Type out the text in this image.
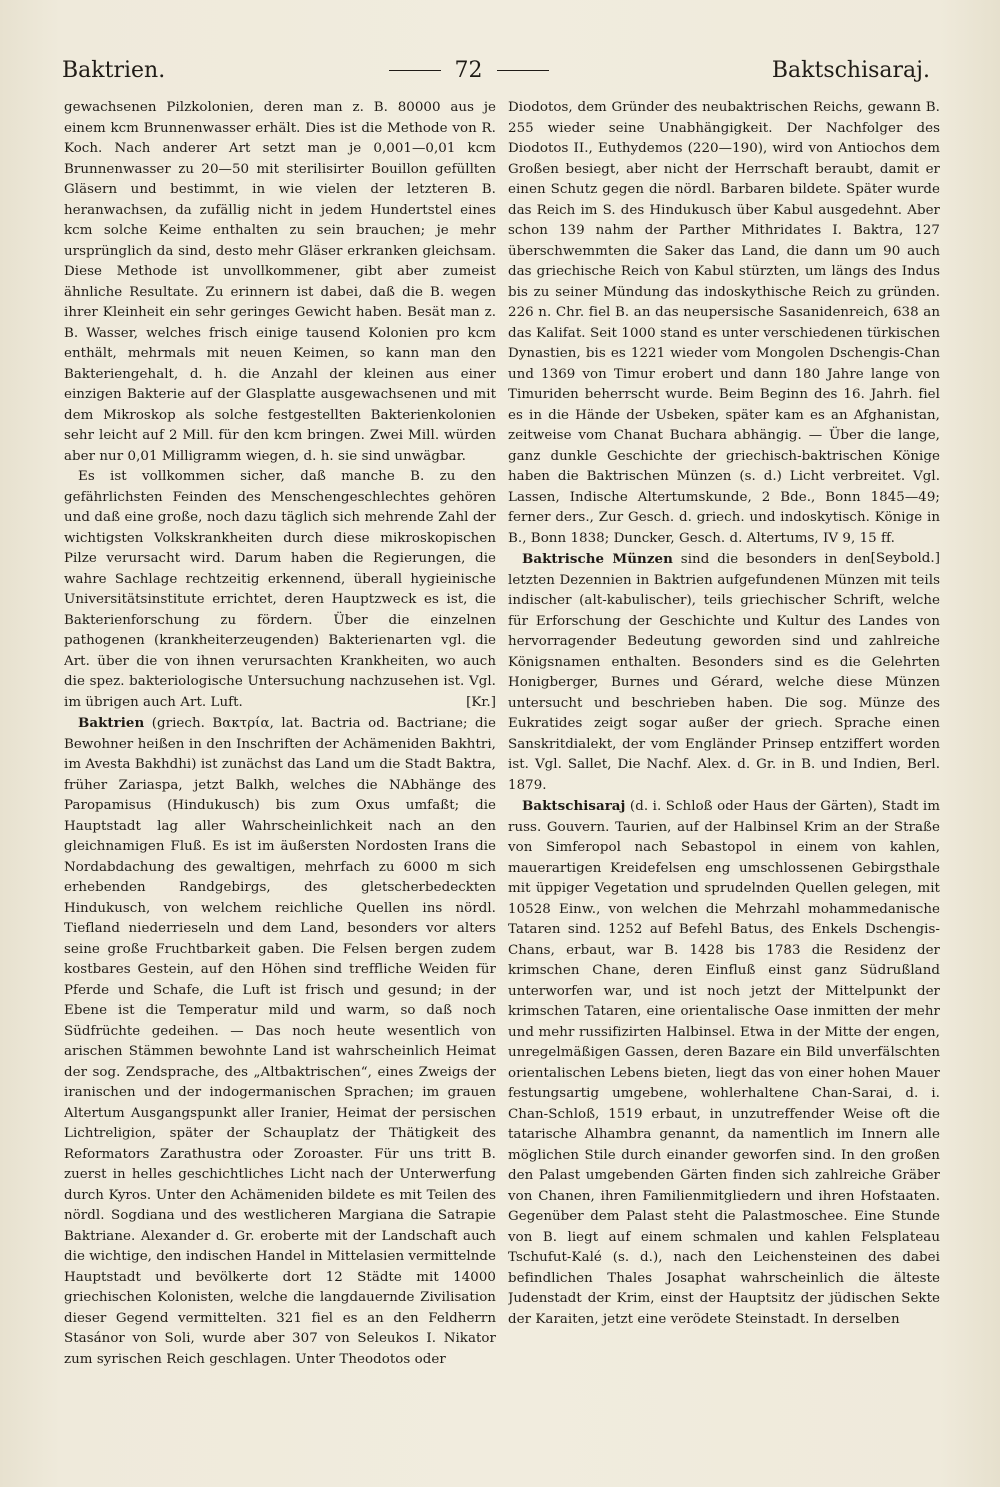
Baktrien.	72	Baktschisaraj.

gewachsenen Pilzkolonien, deren man z. B. 80000 aus je einem kcm Brunnenwasser erhält. Dies ist die Methode von R. Koch. Nach anderer Art setzt man je 0,001—0,01 kcm Brunnenwasser zu 20—50 mit sterilisirter Bouillon gefüllten Gläsern und bestimmt, in wie vielen der letzteren B. heranwachsen, da zufällig nicht in jedem Hundertstel eines kcm solche Keime enthalten zu sein brauchen; je mehr ursprünglich da sind, desto mehr Gläser erkranken gleichsam. Diese Methode ist unvollkommener, gibt aber zumeist ähnliche Resultate. Zu erinnern ist dabei, daß die B. wegen ihrer Kleinheit ein sehr geringes Gewicht haben. Besät man z. B. Wasser, welches frisch einige tausend Kolonien pro kcm enthält, mehrmals mit neuen Keimen, so kann man den Bakteriengehalt, d. h. die Anzahl der kleinen aus einer einzigen Bakterie auf der Glasplatte ausgewachsenen und mit dem Mikroskop als solche festgestellten Bakterienkolonien sehr leicht auf 2 Mill. für den kcm bringen. Zwei Mill. würden aber nur 0,01 Milligramm wiegen, d. h. sie sind unwägbar.

Es ist vollkommen sicher, daß manche B. zu den gefährlichsten Feinden des Menschengeschlechtes gehören und daß eine große, noch dazu täglich sich mehrende Zahl der wichtigsten Volkskrankheiten durch diese mikroskopischen Pilze verursacht wird. Darum haben die Regierungen, die wahre Sachlage rechtzeitig erkennend, überall hygieinische Universitätsinstitute errichtet, deren Hauptzweck es ist, die Bakterienforschung zu fördern. Über die einzelnen pathogenen (krankheiterzeugenden) Bakterienarten vgl. die Art. über die von ihnen verursachten Krankheiten, wo auch die spez. bakteriologische Untersuchung nachzusehen ist. Vgl. im übrigen auch Art. Luft.	[Kr.]

Baktrien (griech. Βακτρία, lat. Bactria od. Bactriane; die Bewohner heißen in den Inschriften der Achämeniden Bakhtri, im Avesta Bakhdhi) ist zunächst das Land um die Stadt Baktra, früher Zariaspa, jetzt Balkh, welches die NAbhänge des Paropamisus (Hindukusch) bis zum Oxus umfaßt; die Hauptstadt lag aller Wahrscheinlichkeit nach an den gleichnamigen Fluß. Es ist im äußersten Nordosten Irans die Nordabdachung des gewaltigen, mehrfach zu 6000 m sich erhebenden Randgebirgs, des gletscherbedeckten Hindukusch, von welchem reichliche Quellen ins nördl. Tiefland niederrieseln und dem Land, besonders vor alters seine große Fruchtbarkeit gaben. Die Felsen bergen zudem kostbares Gestein, auf den Höhen sind treffliche Weiden für Pferde und Schafe, die Luft ist frisch und gesund; in der Ebene ist die Temperatur mild und warm, so daß noch Südfrüchte gedeihen. — Das noch heute wesentlich von arischen Stämmen bewohnte Land ist wahrscheinlich Heimat der sog. Zendsprache, des „Altbaktrischen“, eines Zweigs der iranischen und der indogermanischen Sprachen; im grauen Altertum Ausgangspunkt aller Iranier, Heimat der persischen Lichtreligion, später der Schauplatz der Thätigkeit des Reformators Zarathustra oder Zoroaster. Für uns tritt B. zuerst in helles geschichtliches Licht nach der Unterwerfung durch Kyros. Unter den Achämeniden bildete es mit Teilen des nördl. Sogdiana und des westlicheren Margiana die Satrapie Baktriane. Alexander d. Gr. eroberte mit der Landschaft auch die wichtige, den indischen Handel in Mittelasien vermittelnde Hauptstadt und bevölkerte dort 12 Städte mit 14000 griechischen Kolonisten, welche die langdauernde Zivilisation dieser Gegend vermittelten. 321 fiel es an den Feldherrn Stasánor von Soli, wurde aber 307 von Seleukos I. Nikator zum syrischen Reich geschlagen. Unter Theodotos oder

Diodotos, dem Gründer des neubaktrischen Reichs, gewann B. 255 wieder seine Unabhängigkeit. Der Nachfolger des Diodotos II., Euthydemos (220—190), wird von Antiochos dem Großen besiegt, aber nicht der Herrschaft beraubt, damit er einen Schutz gegen die nördl. Barbaren bildete. Später wurde das Reich im S. des Hindukusch über Kabul ausgedehnt. Aber schon 139 nahm der Parther Mithridates I. Baktra, 127 überschwemmten die Saker das Land, die dann um 90 auch das griechische Reich von Kabul stürzten, um längs des Indus bis zu seiner Mündung das indoskythische Reich zu gründen. 226 n. Chr. fiel B. an das neupersische Sasanidenreich, 638 an das Kalifat. Seit 1000 stand es unter verschiedenen türkischen Dynastien, bis es 1221 wieder vom Mongolen Dschengis-Chan und 1369 von Timur erobert und dann 180 Jahre lange von Timuriden beherrscht wurde. Beim Beginn des 16. Jahrh. fiel es in die Hände der Usbeken, später kam es an Afghanistan, zeitweise vom Chanat Buchara abhängig. — Über die lange, ganz dunkle Geschichte der griechisch-baktrischen Könige haben die Baktrischen Münzen (s. d.) Licht verbreitet. Vgl. Lassen, Indische Altertumskunde, 2 Bde., Bonn 1845—49; ferner ders., Zur Gesch. d. griech. und indoskytisch. Könige in B., Bonn 1838; Duncker, Gesch. d. Altertums, IV 9, 15 ff.
[Seybold.]

Baktrische Münzen sind die besonders in den letzten Dezennien in Baktrien aufgefundenen Münzen mit teils indischer (alt-kabulischer), teils griechischer Schrift, welche für Erforschung der Geschichte und Kultur des Landes von hervorragender Bedeutung geworden sind und zahlreiche Königsnamen enthalten. Besonders sind es die Gelehrten Honigberger, Burnes und Gérard, welche diese Münzen untersucht und beschrieben haben. Die sog. Münze des Eukratides zeigt sogar außer der griech. Sprache einen Sanskritdialekt, der vom Engländer Prinsep entziffert worden ist. Vgl. Sallet, Die Nachf. Alex. d. Gr. in B. und Indien, Berl. 1879.

Baktschisaraj (d. i. Schloß oder Haus der Gärten), Stadt im russ. Gouvern. Taurien, auf der Halbinsel Krim an der Straße von Simferopol nach Sebastopol in einem von kahlen, mauerartigen Kreidefelsen eng umschlossenen Gebirgsthale mit üppiger Vegetation und sprudelnden Quellen gelegen, mit 10528 Einw., von welchen die Mehrzahl mohammedanische Tataren sind. 1252 auf Befehl Batus, des Enkels Dschengis-Chans, erbaut, war B. 1428 bis 1783 die Residenz der krimschen Chane, deren Einfluß einst ganz Südrußland unterworfen war, und ist noch jetzt der Mittelpunkt der krimschen Tataren, eine orientalische Oase inmitten der mehr und mehr russifizirten Halbinsel. Etwa in der Mitte der engen, unregelmäßigen Gassen, deren Bazare ein Bild unverfälschten orientalischen Lebens bieten, liegt das von einer hohen Mauer festungsartig umgebene, wohlerhaltene Chan-Sarai, d. i. Chan-Schloß, 1519 erbaut, in unzutreffender Weise oft die tatarische Alhambra genannt, da namentlich im Innern alle möglichen Stile durch einander geworfen sind. In den großen den Palast umgebenden Gärten finden sich zahlreiche Gräber von Chanen, ihren Familienmitgliedern und ihren Hofstaaten. Gegenüber dem Palast steht die Palastmoschee. Eine Stunde von B. liegt auf einem schmalen und kahlen Felsplateau Tschufut-Kalé (s. d.), nach den Leichensteinen des dabei befindlichen Thales Josaphat wahrscheinlich die älteste Judenstadt der Krim, einst der Hauptsitz der jüdischen Sekte der Karaiten, jetzt eine verödete Steinstadt. In derselben
